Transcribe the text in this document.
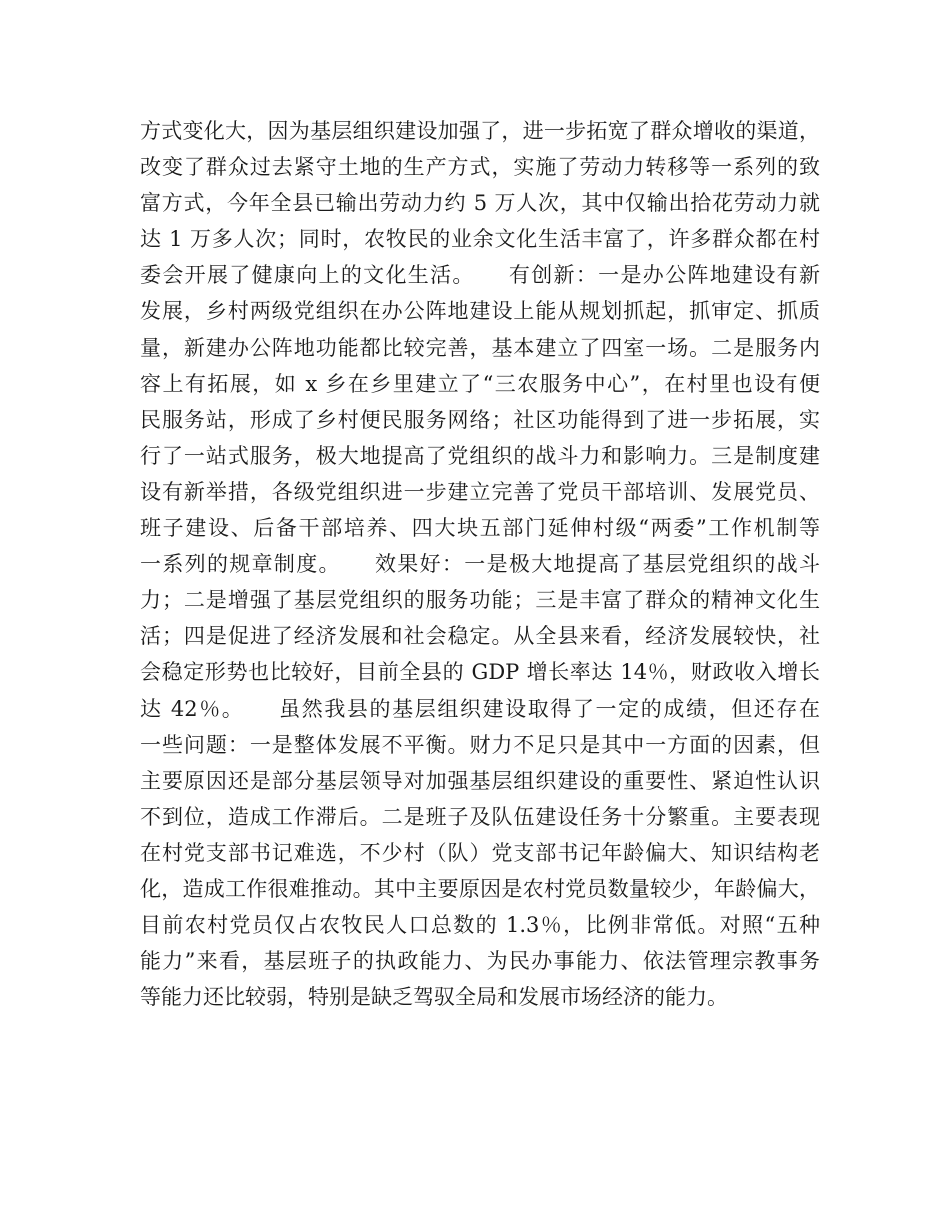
方式变化大，因为基层组织建设加强了，进一步拓宽了群众增收的渠道，
改变了群众过去紧守土地的生产方式，实施了劳动力转移等一系列的致
富方式，今年全县已输出劳动力约 5 万人次，其中仅输出拾花劳动力就
达 1 万多人次；同时，农牧民的业余文化生活丰富了，许多群众都在村
委会开展了健康向上的文化生活。　　有创新：一是办公阵地建设有新
发展，乡村两级党组织在办公阵地建设上能从规划抓起，抓审定、抓质
量，新建办公阵地功能都比较完善，基本建立了四室一场。二是服务内
容上有拓展，如 x 乡在乡里建立了“三农服务中心”，在村里也设有便
民服务站，形成了乡村便民服务网络；社区功能得到了进一步拓展，实
行了一站式服务，极大地提高了党组织的战斗力和影响力。三是制度建
设有新举措，各级党组织进一步建立完善了党员干部培训、发展党员、
班子建设、后备干部培养、四大块五部门延伸村级“两委”工作机制等
一系列的规章制度。　　效果好：一是极大地提高了基层党组织的战斗
力；二是增强了基层党组织的服务功能；三是丰富了群众的精神文化生
活；四是促进了经济发展和社会稳定。从全县来看，经济发展较快，社
会稳定形势也比较好，目前全县的 GDP 增长率达 14％，财政收入增长
达 42％。　　虽然我县的基层组织建设取得了一定的成绩，但还存在
一些问题：一是整体发展不平衡。财力不足只是其中一方面的因素，但
主要原因还是部分基层领导对加强基层组织建设的重要性、紧迫性认识
不到位，造成工作滞后。二是班子及队伍建设任务十分繁重。主要表现
在村党支部书记难选，不少村（队）党支部书记年龄偏大、知识结构老
化，造成工作很难推动。其中主要原因是农村党员数量较少，年龄偏大，
目前农村党员仅占农牧民人口总数的 1.3％，比例非常低。对照“五种
能力”来看，基层班子的执政能力、为民办事能力、依法管理宗教事务
等能力还比较弱，特别是缺乏驾驭全局和发展市场经济的能力。
